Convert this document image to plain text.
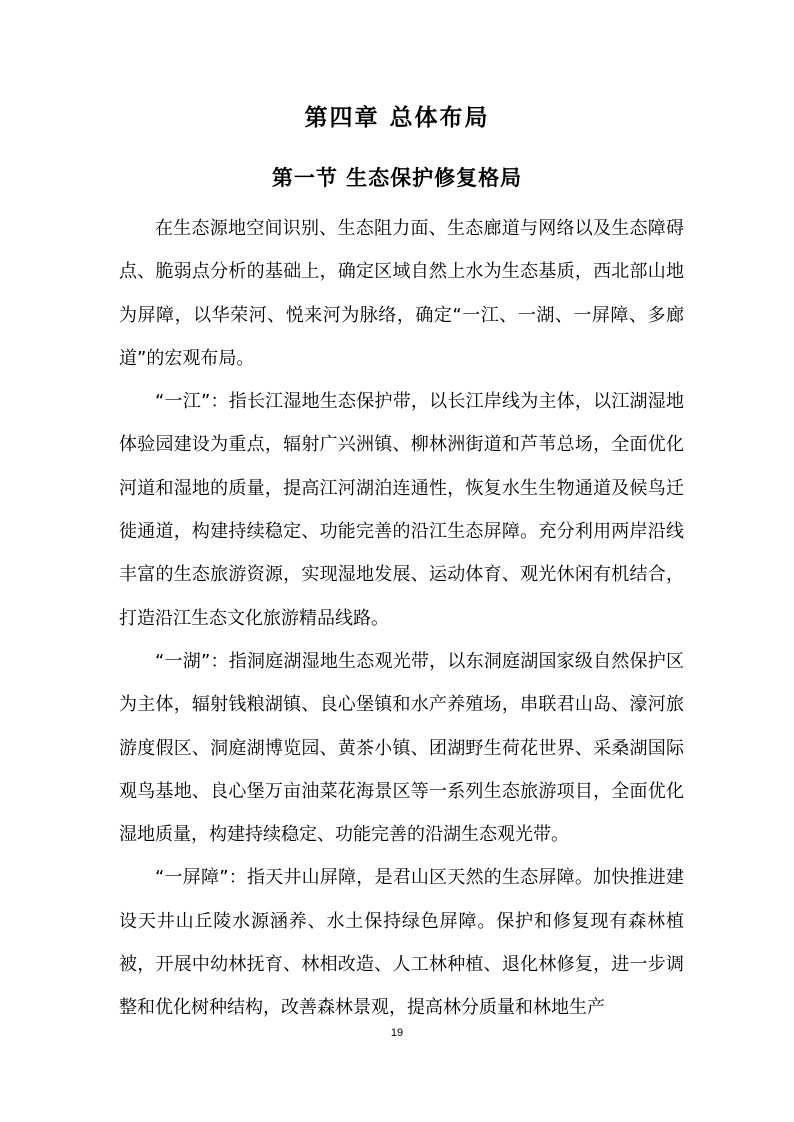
第四章 总体布局
第一节 生态保护修复格局

在生态源地空间识别、生态阻力面、生态廊道与网络以及生态障碍点、脆弱点分析的基础上，确定区域自然上水为生态基质，西北部山地为屏障，以华荣河、悦来河为脉络，确定“一江、一湖、一屏障、多廊道”的宏观布局。

“一江”：指长江湿地生态保护带，以长江岸线为主体，以江湖湿地体验园建设为重点，辐射广兴洲镇、柳林洲街道和芦苇总场，全面优化河道和湿地的质量，提高江河湖泊连通性，恢复水生生物通道及候鸟迁徙通道，构建持续稳定、功能完善的沿江生态屏障。充分利用两岸沿线丰富的生态旅游资源，实现湿地发展、运动体育、观光休闲有机结合，打造沿江生态文化旅游精品线路。

“一湖”：指洞庭湖湿地生态观光带，以东洞庭湖国家级自然保护区为主体，辐射钱粮湖镇、良心堡镇和水产养殖场，串联君山岛、濠河旅游度假区、洞庭湖博览园、黄茶小镇、团湖野生荷花世界、采桑湖国际观鸟基地、良心堡万亩油菜花海景区等一系列生态旅游项目，全面优化湿地质量，构建持续稳定、功能完善的沿湖生态观光带。

“一屏障”：指天井山屏障，是君山区天然的生态屏障。加快推进建设天井山丘陵水源涵养、水土保持绿色屏障。保护和修复现有森林植被，开展中幼林抚育、林相改造、人工林种植、退化林修复，进一步调整和优化树种结构，改善森林景观，提高林分质量和林地生产

19
